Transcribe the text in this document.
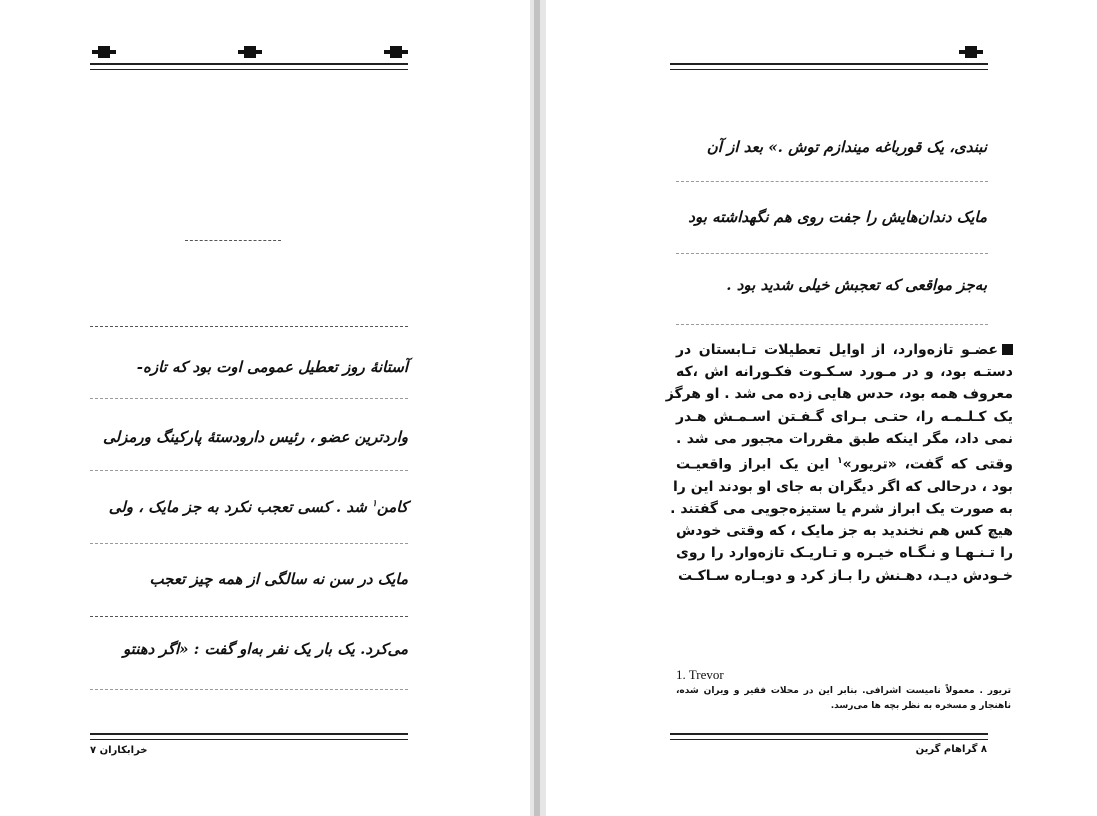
آستانۀ روز تعطیل عمومی اوت بود که تازه‌-
واردترین عضو ، رئیس دارودستۀ پارکینگ ورمزلی
کامن$^۱$ شد . کسی تعجب نکرد به‌ جز مایک ، ولی
مایک در سن نه سالگی از همه‌ چیز تعجب
می‌کرد. یک بار یک نفر به‌او گفت : «اگر دهنتو
خرابکاران ۷
نبندی، یک قورباغه میندازم توش .» بعد از آن
مایک دندان‌هایش را جفت روی هم نگهداشته بود
به‌جز مواقعی که تعجبش خیلی شدید بود .
عضـو تازه‌وارد، از اوایل تعطیلات تـابستان در
دستـه بود، و در مـورد سـکـوت فکـورانه اش ،که
معروف همه‌ بود، حدس هایی زده می شد . او هرگز
یک کـلـمـه را، حتـی بـرای گـفـتن اسـمـش هـدر
نمی داد، مگر اینکه طبق مقررات مجبور می شد .
وقتی که گفت، «تریور»$^۱$ این یک ابراز واقعیـت
بود ، درحالی که اگر دیگران به جای او بودند این را
به‌ صورت یک ابراز شرم یا ستیزه‌جویی می گفتند .
هیچ کس هم نخندید به جز مایک ، که وقتی خودش
را تـنـهـا و نـگـاه خیـره و تـاریـک تازه‌وارد را روی
خـودش دیـد، دهـنش را بـاز کرد و دوبـاره سـاکـت
1. Trevor
تریور . معمولاً نامیست اشرافی. بنابر این در محلات فقیر و ویران شده، ناهنجار و مسخره به نظر بچه ها می‌رسد.
۸ گراهام گرین
